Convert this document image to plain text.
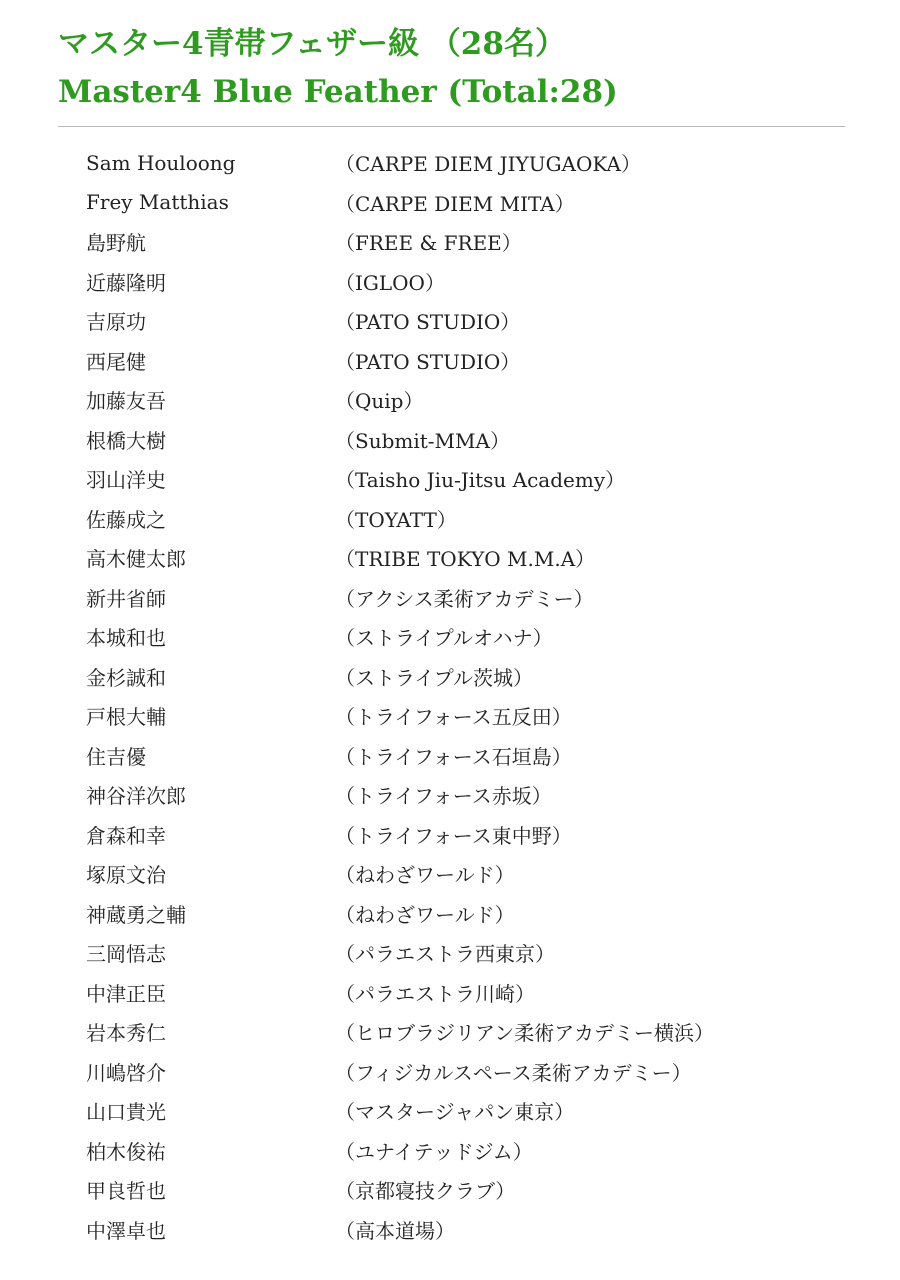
マスター4青帯フェザー級 （28名）
Master4 Blue Feather (Total:28)
Sam Houloong	（CARPE DIEM JIYUGAOKA）
Frey Matthias	（CARPE DIEM MITA）
島野航	（FREE & FREE）
近藤隆明	（IGLOO）
吉原功	（PATO STUDIO）
西尾健	（PATO STUDIO）
加藤友吾	（Quip）
根橋大樹	（Submit-MMA）
羽山洋史	（Taisho Jiu-Jitsu Academy）
佐藤成之	（TOYATT）
高木健太郎	（TRIBE TOKYO M.M.A）
新井省師	（アクシス柔術アカデミー）
本城和也	（ストライプルオハナ）
金杉誠和	（ストライプル茨城）
戸根大輔	（トライフォース五反田）
住吉優	（トライフォース石垣島）
神谷洋次郎	（トライフォース赤坂）
倉森和幸	（トライフォース東中野）
塚原文治	（ねわざワールド）
神蔵勇之輔	（ねわざワールド）
三岡悟志	（パラエストラ西東京）
中津正臣	（パラエストラ川崎）
岩本秀仁	（ヒロブラジリアン柔術アカデミー横浜）
川嶋啓介	（フィジカルスペース柔術アカデミー）
山口貴光	（マスタージャパン東京）
柏木俊祐	（ユナイテッドジム）
甲良哲也	（京都寝技クラブ）
中澤卓也	（高本道場）
